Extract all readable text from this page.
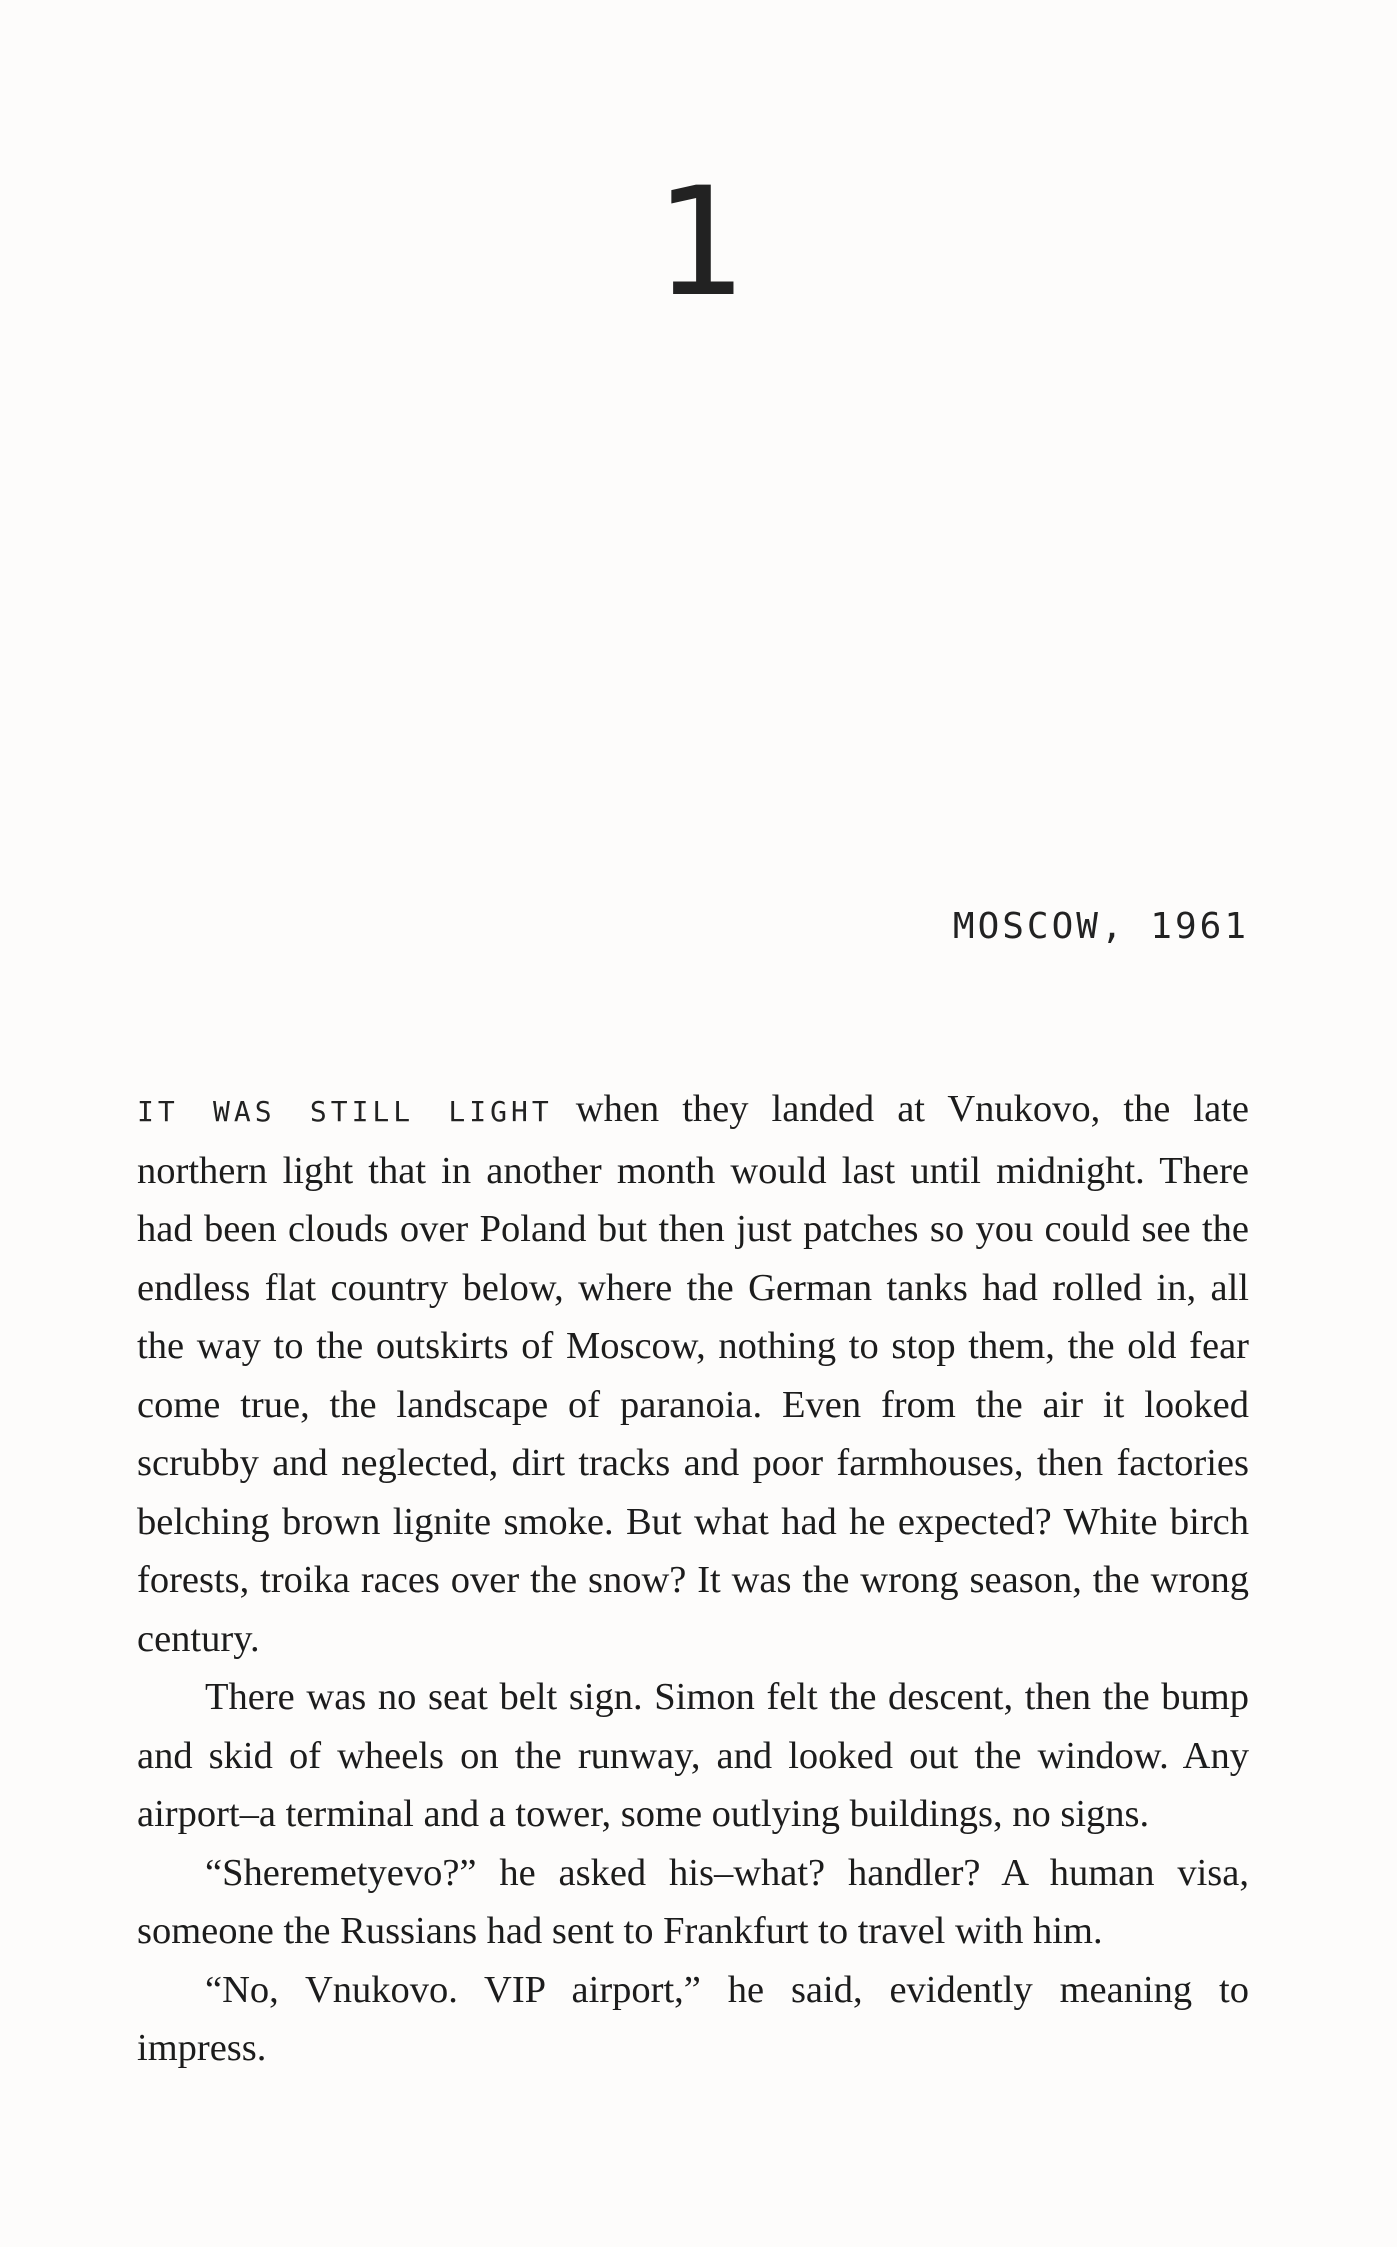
1
MOSCOW, 1961

IT WAS STILL LIGHT when they landed at Vnukovo, the late northern light that in another month would last until midnight. There had been clouds over Poland but then just patches so you could see the endless flat country below, where the German tanks had rolled in, all the way to the outskirts of Moscow, nothing to stop them, the old fear come true, the landscape of paranoia. Even from the air it looked scrubby and neglected, dirt tracks and poor farmhouses, then factories belching brown lignite smoke. But what had he expected? White birch forests, troika races over the snow? It was the wrong season, the wrong century.

There was no seat belt sign. Simon felt the descent, then the bump and skid of wheels on the runway, and looked out the window. Any airport–a terminal and a tower, some outlying buildings, no signs.

“Sheremetyevo?” he asked his–what? handler? A human visa, someone the Russians had sent to Frankfurt to travel with him.

“No, Vnukovo. VIP airport,” he said, evidently meaning to impress.
